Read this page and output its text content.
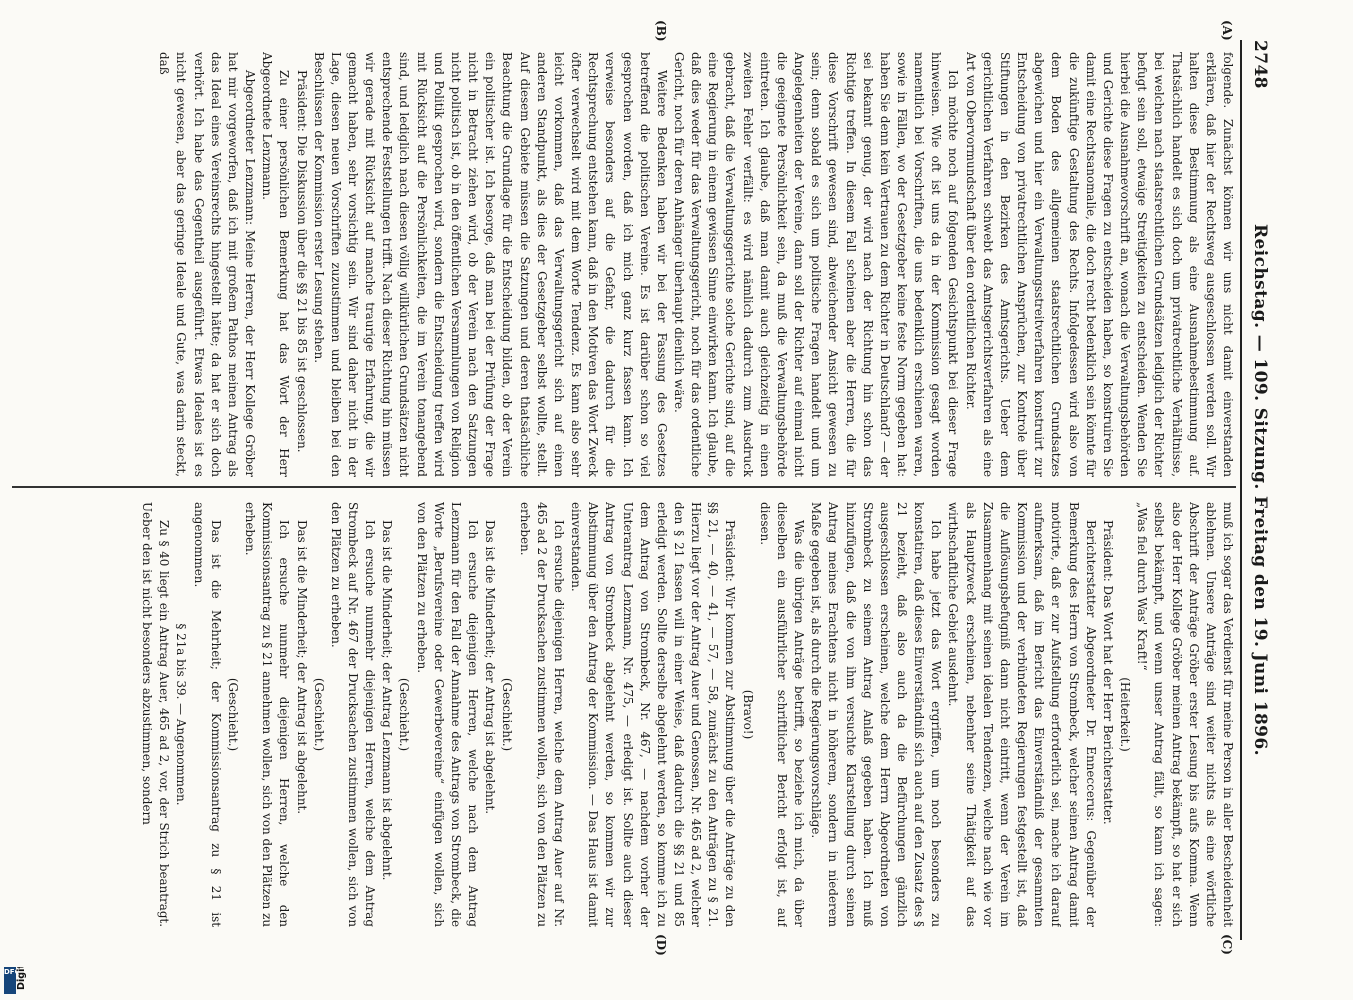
DFG
2748
Reichstag. — 109. Sitzung. Freitag den 19. Juni 1896.
(A)
(B)
(C)
(D)

folgende. Zunächst können wir uns nicht damit einverstanden erklären, daß hier der Rechtsweg ausgeschlossen werden soll. Wir halten diese Bestimmung als eine Ausnahmebestimmung auf. Thatsächlich handelt es sich doch um privatrechtliche Verhältnisse, bei welchen nach staatsrechtlichen Grundsätzen lediglich der Richter befugt sein soll, etwaige Streitigkeiten zu entscheiden. Wenden Sie hierbei die Ausnahmevorschrift an, wonach die Verwaltungsbehörden und Gerichte diese Fragen zu entscheiden haben, so konstruiren Sie damit eine Rechtsanomalie, die doch recht bedenklich sein könnte für die zukünftige Gestaltung des Rechts. Infolgedessen wird also von dem Boden des allgemeinen staatsrechtlichen Grundsatzes abgewichen und hier ein Verwaltungsstreitverfahren konstruirt zur Entscheidung von privatrechtlichen Ansprüchen, zur Kontrole über Stiftungen in den Bezirken des Amtsgerichts. Ueber dem gerichtlichen Verfahren schwebt das Amtsgerichtsverfahren als eine Art von Obervormundschaft über den ordentlichen Richter.

Ich möchte noch auf folgenden Gesichtspunkt bei dieser Frage hinweisen. Wie oft ist uns da in der Kommission gesagt worden namentlich bei Vorschriften, die uns bedenklich erschienen waren, sowie in Fällen, wo der Gesetzgeber keine feste Norm gegeben hat: haben Sie denn kein Vertrauen zu dem Richter in Deutschland? — der sei bekannt genug, der wird nach der Richtung hin schon das Richtige treffen. In diesem Fall scheinen aber die Herren, die für diese Vorschrift gewesen sind, abweichender Ansicht gewesen zu sein; denn sobald es sich um politische Fragen handelt und um Angelegenheiten der Vereine, dann soll der Richter auf einmal nicht die geeignete Persönlichkeit sein, da muß die Verwaltungsbehörde eintreten. Ich glaube, daß man damit auch gleichzeitig in einen zweiten Fehler verfällt: es wird nämlich dadurch zum Ausdruck gebracht, daß die Verwaltungsgerichte solche Gerichte sind, auf die eine Regierung in einem gewissen Sinne einwirken kann. Ich glaube, daß dies weder für das Verwaltungsgericht, noch für das ordentliche Gericht, noch für deren Anhänger überhaupt dienlich wäre.

Weitere Bedenken haben wir bei der Fassung des Gesetzes betreffend die politischen Vereine. Es ist darüber schon so viel gesprochen worden, daß ich mich ganz kurz fassen kann. Ich verweise besonders auf die Gefahr, die dadurch für die Rechtsprechung entstehen kann, daß in den Motiven das Wort Zweck öfter verwechselt wird mit dem Worte Tendenz. Es kann also sehr leicht vorkommen, daß das Verwaltungsgericht sich auf einen anderen Standpunkt, als dies der Gesetzgeber selbst wollte, stellt. Auf diesem Gebiete müssen die Satzungen und deren thatsächliche Beachtung die Grundlage für die Entscheidung bilden, ob der Verein ein politischer ist. Ich besorge, daß man bei der Prüfung der Frage nicht in Betracht ziehen wird, ob der Verein nach den Satzungen nicht politisch ist, ob in den öffentlichen Versammlungen von Religion und Politik gesprochen wird, sondern die Entscheidung treffen wird mit Rücksicht auf die Persönlichkeiten, die im Verein tonangebend sind, und lediglich nach diesen völlig willkürlichen Grundsätzen nicht entsprechende Feststellungen trifft. Nach dieser Richtung hin müssen wir gerade mit Rücksicht auf manche traurige Erfahrung, die wir gemacht haben, sehr vorsichtig sein. Wir sind daher nicht in der Lage, diesen neuen Vorschriften zuzustimmen und bleiben bei den Beschlüssen der Kommission erster Lesung stehen.

Präsident: Die Diskussion über die §§ 21 bis 85 ist geschlossen.

Zu einer persönlichen Bemerkung hat das Wort der Herr Abgeordnete Lenzmann.

Abgeordneter Lenzmann: Meine Herren, der Herr Kollege Gröber hat mir vorgeworfen, daß ich mit großem Pathos meinen Antrag als das Ideal eines Vereinsrechts hingestellt hätte; da hat er sich doch verhört. Ich habe das Gegentheil ausgeführt. Etwas Ideales ist es nicht gewesen, aber das geringe Ideale und Gute, was darin steckt, daß

muß ich sogar das Verdienst für meine Person in aller Bescheidenheit ablehnen. Unsere Anträge sind weiter nichts als eine wörtliche Abschrift der Anträge Gröber erster Lesung bis aufs Komma. Wenn also der Herr Kollege Gröber meinen Antrag bekämpft, so hat er sich selbst bekämpft, und wenn unser Antrag fällt, so kann ich sagen: „Was fiel durch Was' Kraft!“

(Heiterkeit.)

Präsident: Das Wort hat der Herr Berichterstatter.

Berichterstatter Abgeordneter Dr. Enneccerus: Gegenüber der Bemerkung des Herrn von Strombeck, welcher seinen Antrag damit motivirte, daß er zur Aufstellung erforderlich sei, mache ich darauf aufmerksam, daß im Bericht das Einverständniß der gesammten Kommission und der verbündeten Regierungen festgestellt ist, daß die Auflösungsbefugniß dann nicht eintritt, wenn der Verein im Zusammenhang mit seinen idealen Tendenzen, welche nach wie vor als Hauptzweck erscheinen, nebenher seine Thätigkeit auf das wirthschaftliche Gebiet ausdehnt.

Ich habe jetzt das Wort ergriffen, um noch besonders zu konstatiren, daß dieses Einverständniß sich auch auf den Zusatz des § 21 bezieht, daß also auch da die Befürchungen gänzlich ausgeschlossen erscheinen, welche dem Herrn Abgeordneten von Strombeck zu seinem Antrag Anlaß gegeben haben. Ich muß hinzufügen, daß die von ihm versuchte Klarstellung durch seinen Antrag meines Erachtens nicht in höherem, sondern in niederem Maße gegeben ist, als durch die Regierungsvorschläge.

Was die übrigen Anträge betrifft, so beziehe ich mich, da über dieselben ein ausführlicher schriftlicher Bericht erfolgt ist, auf diesen.

(Bravo!)

Präsident: Wir kommen zur Abstimmung über die Anträge zu den §§ 21, — 40, — 41, — 57, — 58, zunächst zu den Anträgen zu § 21. Hierzu liegt vor der Antrag Auer und Genossen, Nr. 465 ad 2, welcher den § 21 fassen will in einer Weise, daß dadurch die §§ 21 und 85 erledigt werden. Sollte derselbe abgelehnt werden, so komme ich zu dem Antrag von Strombeck, Nr. 467, — nachdem vorher der Unterantrag Lenzmann, Nr. 475, — erledigt ist. Sollte auch dieser Antrag von Strombeck abgelehnt werden, so kommen wir zur Abstimmung über den Antrag der Kommission. — Das Haus ist damit einverstanden.

Ich ersuche diejenigen Herren, welche dem Antrag Auer auf Nr. 465 ad 2 der Drucksachen zustimmen wollen, sich von den Plätzen zu erheben.

(Geschieht.)

Das ist die Minderheit; der Antrag ist abgelehnt.

Ich ersuche diejenigen Herren, welche nach dem Antrag Lenzmann für den Fall der Annahme des Antrags von Strombeck, die Worte „Berufsvereine oder Gewerbevereine“ einfügen wollen, sich von den Plätzen zu erheben.

(Geschieht.)

Das ist die Minderheit; der Antrag Lenzmann ist abgelehnt.

Ich ersuche nunmehr diejenigen Herren, welche dem Antrag Strombeck auf Nr. 467 der Drucksachen zustimmen wollen, sich von den Plätzen zu erheben.

(Geschieht.)

Das ist die Minderheit; der Antrag ist abgelehnt.

Ich ersuche nunmehr diejenigen Herren, welche den Kommissionsantrag zu § 21 annehmen wollen, sich von den Plätzen zu erheben.

(Geschieht.)

Das ist die Mehrheit; der Kommissionsantrag zu § 21 ist angenommen.

§ 21a bis 39. — Angenommen.

Zu § 40 liegt ein Antrag Auer, 465 ad 2, vor, der Strich beantragt. Ueber den ist nicht besonders abzustimmen, sondern
